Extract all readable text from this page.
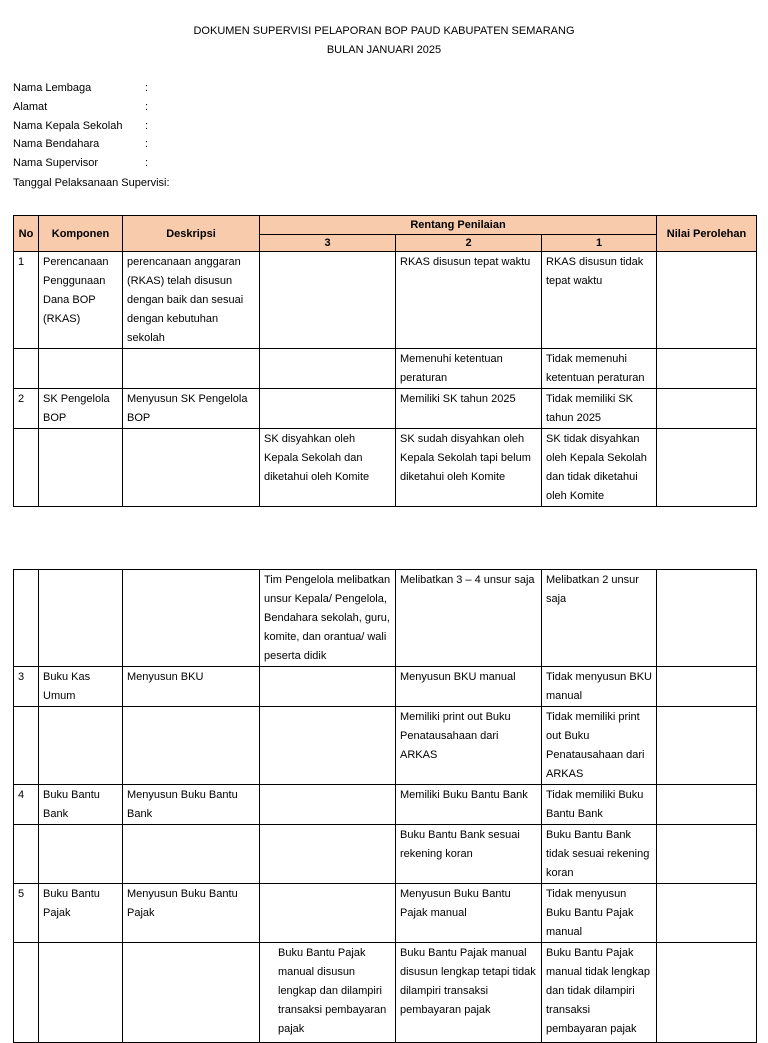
DOKUMEN SUPERVISI PELAPORAN BOP PAUD KABUPATEN SEMARANG
BULAN JANUARI 2025
Nama Lembaga	:
Alamat	:
Nama Kepala Sekolah :
Nama Bendahara	:
Nama Supervisor	:
Tanggal Pelaksanaan Supervisi:
No	Komponen	Deskripsi	Rentang Penilaian			Nilai Perolehan
			3	2	1	
1	Perencanaan Penggunaan Dana BOP (RKAS)	perencanaan anggaran (RKAS) telah disusun dengan baik dan sesuai dengan kebutuhan sekolah		RKAS disusun tepat waktu	RKAS disusun tidak tepat waktu	
				Memenuhi ketentuan peraturan	Tidak memenuhi ketentuan peraturan	
2	SK Pengelola BOP	Menyusun SK Pengelola BOP		Memiliki SK tahun 2025	Tidak memiliki SK tahun 2025	
			SK disyahkan oleh Kepala Sekolah dan diketahui oleh Komite	SK sudah disyahkan oleh Kepala Sekolah tapi belum diketahui oleh Komite	SK tidak disyahkan oleh Kepala Sekolah dan tidak diketahui oleh Komite	
			Tim Pengelola melibatkan unsur Kepala/ Pengelola, Bendahara sekolah, guru, komite, dan orantua/ wali peserta didik	Melibatkan 3 – 4 unsur saja	Melibatkan 2 unsur saja	
3	Buku Kas Umum	Menyusun BKU		Menyusun BKU manual	Tidak menyusun BKU manual	
				Memiliki print out Buku Penatausahaan dari ARKAS	Tidak memiliki print out Buku Penatausahaan dari ARKAS	
4	Buku Bantu Bank	Menyusun Buku Bantu Bank		Memiliki Buku Bantu Bank	Tidak memiliki Buku Bantu Bank	
				Buku Bantu Bank sesuai rekening koran	Buku Bantu Bank tidak sesuai rekening koran	
5	Buku Bantu Pajak	Menyusun Buku Bantu Pajak		Menyusun Buku Bantu Pajak manual	Tidak menyusun Buku Bantu Pajak manual	
			Buku Bantu Pajak manual disusun lengkap dan dilampiri transaksi pembayaran pajak	Buku Bantu Pajak manual disusun lengkap tetapi tidak dilampiri transaksi pembayaran pajak	Buku Bantu Pajak manual tidak lengkap dan tidak dilampiri transaksi pembayaran pajak	
